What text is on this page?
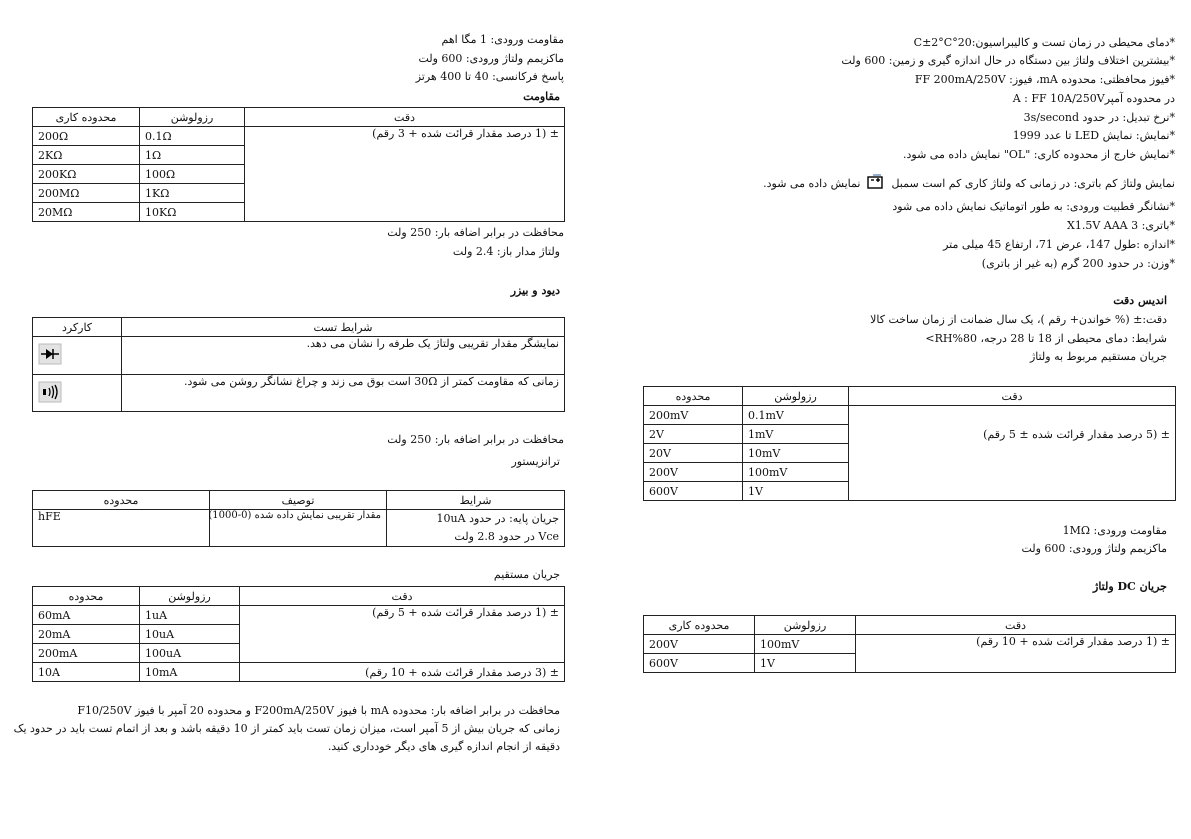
مقاومت ورودی: 1 مگا اهم
ماکزیمم ولتاژ ورودی: 600 ولت
پاسخ فرکانسی: 40 تا 400 هرتز
مقاومت
محدوده کاری	رزولوشن	دقت
200Ω	0.1Ω	± (1 درصد مقدار قرائت شده + 3 رقم)
2KΩ	1Ω	
200KΩ	100Ω	
200MΩ	1KΩ	
20MΩ	10KΩ	
محافظت در برابر اضافه بار: 250 ولت
ولتاژ مدار باز: 2.4 ولت
دیود و بیزر
کارکرد	شرایط تست
	نمایشگر مقدار تقریبی ولتاژ یک طرفه را نشان می دهد.
	زمانی که مقاومت کمتر از 30Ω است بوق می زند و چراغ نشانگر روشن می شود.
محافظت در برابر اضافه بار: 250 ولت
ترانزیستور
محدوده	توصیف	شرایط
hFE	مقدار تقریبی نمایش داده شده (0-1000)	جریان پایه: در حدود 10uA
Vce در حدود 2.8 ولت
جریان مستقیم
محدوده	رزولوشن	دقت
60mA	1uA	± (1 درصد مقدار قرائت شده + 5 رقم)
20mA	10uA	
200mA	100uA	
10A	10mA	± (3 درصد مقدار قرائت شده + 10 رقم)
محافظت در برابر اضافه بار: محدوده mA با فیوز F200mA/250V و محدوده 20 آمپر با فیوز F10/250V
زمانی که جریان بیش از 5 آمپر است، میزان زمان تست باید کمتر از 10 دقیقه باشد و بعد از اتمام تست باید در حدود یک
دقیقه از انجام اندازه گیری های دیگر خودداری کنید.
*دمای محیطی در زمان تست و کالیبراسیون:20°C±2°C
*بیشترین اختلاف ولتاژ بین دستگاه در حال اندازه گیری و زمین: 600 ولت
*فیوز محافظتی: محدوده mA، فیوز: FF 200mA/250V
در محدوده آمپرA : FF 10A/250V
*نرخ تبدیل: در حدود 3s/second
*نمایش: نمایش LED تا عدد 1999
*نمایش خارج از محدوده کاری: "OL" نمایش داده می شود.
نمایش ولتاژ کم باتری: در زمانی که ولتاژ کاری کم است سمبل  نمایش داده می شود.
*نشانگر قطبیت ورودی: به طور اتوماتیک نمایش داده می شود
*باتری: 3 X1.5V AAA
*اندازه :طول 147، عرض 71، ارتفاع 45 میلی متر
*وزن: در حدود 200 گرم (به غیر از باتری)
اندیس دقت
دقت:± (% خواندن+ رقم )، یک سال ضمانت از زمان ساخت کالا
شرایط: دمای محیطی از 18 تا 28 درجه، 80%RH>
جریان مستقیم مربوط به ولتاژ
محدوده	رزولوشن	دقت
200mV	0.1mV	± (5 درصد مقدار قرائت شده ± 5 رقم)
2V	1mV	
20V	10mV	
200V	100mV	
600V	1V	
مقاومت ورودی: 1MΩ
ماکزیمم ولتاژ ورودی: 600 ولت
جریان DC ولتاژ
محدوده کاری	رزولوشن	دقت
200V	100mV	± (1 درصد مقدار قرائت شده + 10 رقم)
600V	1V	
